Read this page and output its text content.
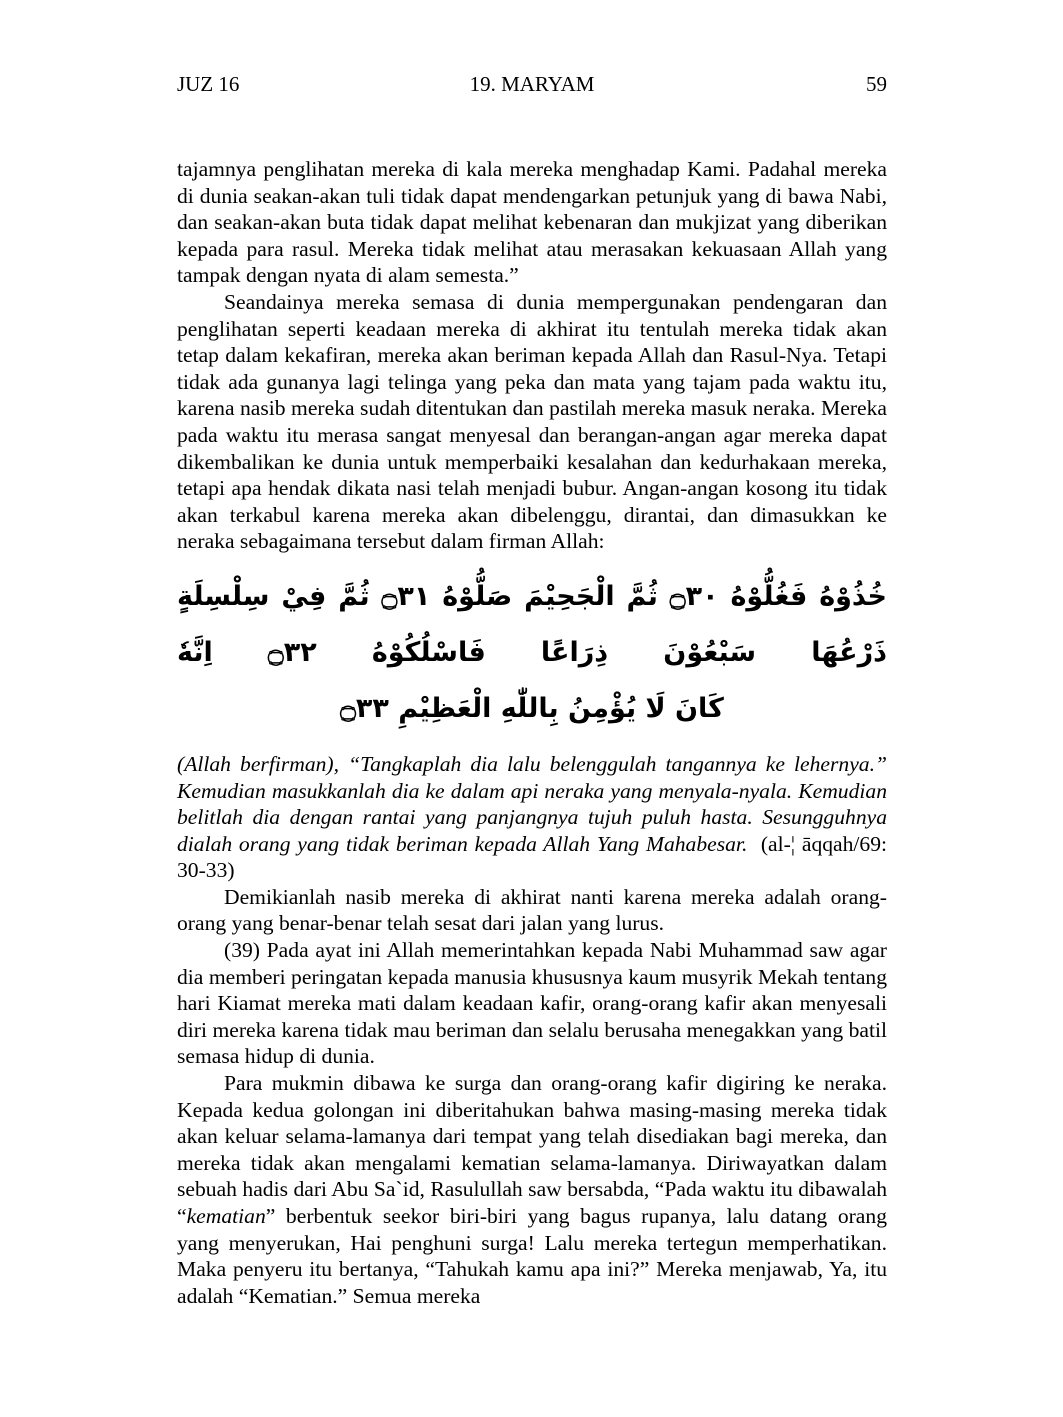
JUZ 16	19. MARYAM	59

tajamnya penglihatan mereka di kala mereka menghadap Kami. Padahal mereka di dunia seakan-akan tuli tidak dapat mendengarkan petunjuk yang di bawa Nabi, dan seakan-akan buta tidak dapat melihat kebenaran dan mukjizat yang diberikan kepada para rasul. Mereka tidak melihat atau merasakan kekuasaan Allah yang tampak dengan nyata di alam semesta.”

Seandainya mereka semasa di dunia mempergunakan pendengaran dan penglihatan seperti keadaan mereka di akhirat itu tentulah mereka tidak akan tetap dalam kekafiran, mereka akan beriman kepada Allah dan Rasul-Nya. Tetapi tidak ada gunanya lagi telinga yang peka dan mata yang tajam pada waktu itu, karena nasib mereka sudah ditentukan dan pastilah mereka masuk neraka. Mereka pada waktu itu merasa sangat menyesal dan berangan-angan agar mereka dapat dikembalikan ke dunia untuk memperbaiki kesalahan dan kedurhakaan mereka, tetapi apa hendak dikata nasi telah menjadi bubur. Angan-angan kosong itu tidak akan terkabul karena mereka akan dibelenggu, dirantai, dan dimasukkan ke neraka sebagaimana tersebut dalam firman Allah:

خُذُوْهُ فَغُلُّوْهُ ۝٣٠ ثُمَّ الْجَحِيْمَ صَلُّوْهُ ۝٣١ ثُمَّ فِيْ سِلْسِلَةٍ ذَرْعُهَا سَبْعُوْنَ ذِرَاعًا فَاسْلُكُوْهُ ۝٣٢ اِنَّهٗ
كَانَ لَا يُؤْمِنُ بِاللّٰهِ الْعَظِيْمِ ۝٣٣

(Allah berfirman), “Tangkaplah dia lalu belenggulah tangannya ke lehernya.” Kemudian masukkanlah dia ke dalam api neraka yang menyala-nyala. Kemudian belitlah dia dengan rantai yang panjangnya tujuh puluh hasta. Sesungguhnya dialah orang yang tidak beriman kepada Allah Yang Mahabesar. (al-¦ āqqah/69: 30-33)

Demikianlah nasib mereka di akhirat nanti karena mereka adalah orang-orang yang benar-benar telah sesat dari jalan yang lurus.

(39) Pada ayat ini Allah memerintahkan kepada Nabi Muhammad saw agar dia memberi peringatan kepada manusia khususnya kaum musyrik Mekah tentang hari Kiamat mereka mati dalam keadaan kafir, orang-orang kafir akan menyesali diri mereka karena tidak mau beriman dan selalu berusaha menegakkan yang batil semasa hidup di dunia.

Para mukmin dibawa ke surga dan orang-orang kafir digiring ke neraka. Kepada kedua golongan ini diberitahukan bahwa masing-masing mereka tidak akan keluar selama-lamanya dari tempat yang telah disediakan bagi mereka, dan mereka tidak akan mengalami kematian selama-lamanya. Diriwayatkan dalam sebuah hadis dari Abu Sa`id, Rasulullah saw bersabda, “Pada waktu itu dibawalah “kematian” berbentuk seekor biri-biri yang bagus rupanya, lalu datang orang yang menyerukan, Hai penghuni surga! Lalu mereka tertegun memperhatikan. Maka penyeru itu bertanya, “Tahukah kamu apa ini?” Mereka menjawab, Ya, itu adalah “Kematian.” Semua mereka
